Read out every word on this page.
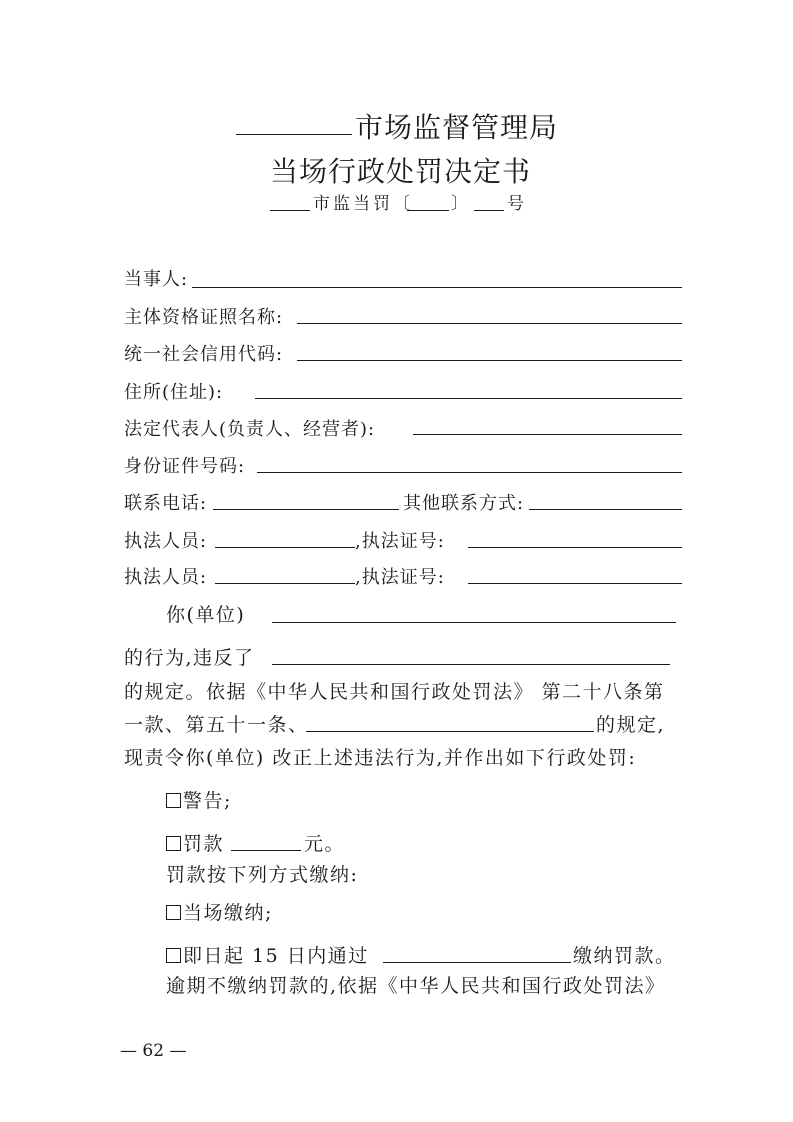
市场监督管理局
当场行政处罚决定书
市监当罚〔 〕 号
当事人:
主体资格证照名称:
统一社会信用代码:
住所(住址):
法定代表人(负责人、经营者):
身份证件号码:
联系电话:	其他联系方式:
执法人员:	,执法证号:
执法人员:	,执法证号:
你(单位)
的行为,违反了
的规定。依据《中华人民共和国行政处罚法》 第二十八条第
一款、第五十一条、	的规定,
现责令你(单位) 改正上述违法行为,并作出如下行政处罚:
警告;
罚款	元。
罚款按下列方式缴纳:
当场缴纳;
即日起 15 日内通过	缴纳罚款。
逾期不缴纳罚款的,依据《中华人民共和国行政处罚法》
— 62 —
